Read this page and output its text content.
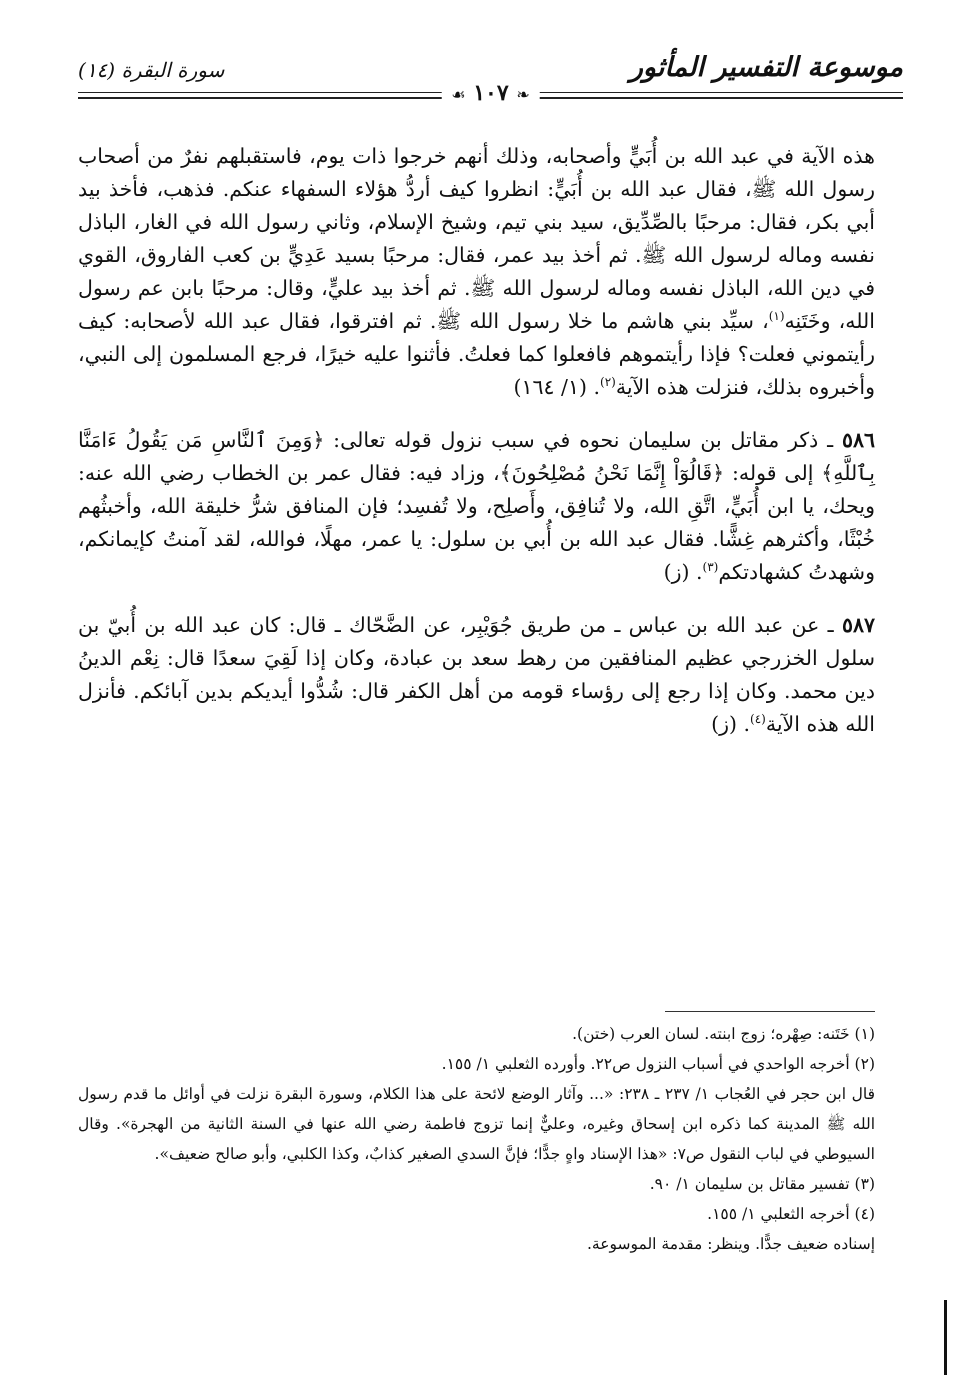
موسوعة التفسير المأثور
❧ ١٠٧ ☙
سورة البقرة (١٤)

هذه الآية في عبد الله بن أُبَيٍّ وأصحابه، وذلك أنهم خرجوا ذات يوم، فاستقبلهم نفرٌ من أصحاب رسول الله ﷺ، فقال عبد الله بن أُبَيٍّ: انظروا كيف أردُّ هؤلاء السفهاء عنكم. فذهب، فأخذ بيد أبي بكر، فقال: مرحبًا بالصِّدِّيق، سيد بني تيم، وشيخ الإسلام، وثاني رسول الله في الغار، الباذل نفسه وماله لرسول الله ﷺ. ثم أخذ بيد عمر، فقال: مرحبًا بسيد عَدِيٍّ بن كعب الفاروق، القوي في دين الله، الباذل نفسه وماله لرسول الله ﷺ. ثم أخذ بيد عليٍّ، وقال: مرحبًا بابن عم رسول الله، وخَتَنِه$^{(١)}$، سيِّد بني هاشم ما خلا رسول الله ﷺ. ثم افترقوا، فقال عبد الله لأصحابه: كيف رأيتموني فعلت؟ فإذا رأيتموهم فافعلوا كما فعلتُ. فأثنوا عليه خيرًا، فرجع المسلمون إلى النبي، وأخبروه بذلك، فنزلت هذه الآية$^{(٢)}$. (١/ ١٦٤)

٥٨٦ ـ ذكر مقاتل بن سليمان نحوه في سبب نزول قوله تعالى: ﴿وَمِنَ ٱلنَّاسِ مَن يَقُولُ ءَامَنَّا بِٱللَّهِ﴾ إلى قوله: ﴿قَالُوٓاْ إِنَّمَا نَحْنُ مُصْلِحُونَ﴾، وزاد فيه: فقال عمر بن الخطاب رضي الله عنه: ويحك، يا ابن أُبَيٍّ، اتَّقِ الله، ولا تُنافِق، وأَصلِح، ولا تُفسِد؛ فإن المنافق شرُّ خليقة الله، وأخبثُهم خُبْثًا، وأكثرهم غِشًّا. فقال عبد الله بن أُبي بن سلول: يا عمر، مهلًا، فوالله، لقد آمنتُ كإيمانكم، وشهدتُ كشهادتكم$^{(٣)}$. (ز)

٥٨٧ ـ عن عبد الله بن عباس ـ من طريق جُوَيْبِر، عن الضَّحّاك ـ قال: كان عبد الله بن أُبيّ بن سلول الخزرجي عظيم المنافقين من رهط سعد بن عبادة، وكان إذا لَقِيَ سعدًا قال: نِعْم الدينُ دين محمد. وكان إذا رجع إلى رؤساء قومه من أهل الكفر قال: شُدُّوا أيديكم بدين آبائكم. فأنزل الله هذه الآية$^{(٤)}$. (ز)

(١) خَتَنه: صِهْره؛ زوج ابنته. لسان العرب (ختن).

(٢) أخرجه الواحدي في أسباب النزول ص٢٢. وأورده الثعلبي ١/ ١٥٥.

قال ابن حجر في العُجاب ١/ ٢٣٧ ـ ٢٣٨: «... وآثار الوضع لائحة على هذا الكلام، وسورة البقرة نزلت في أوائل ما قدم رسول الله ﷺ المدينة كما ذكره ابن إسحاق وغيره، وعليٌّ إنما تزوج فاطمة رضي الله عنها في السنة الثانية من الهجرة». وقال السيوطي في لباب النقول ص٧: «هذا الإسناد واهٍ جدًّا؛ فإنَّ السدي الصغير كذابٌ، وكذا الكلبي، وأبو صالح ضعيف».

(٣) تفسير مقاتل بن سليمان ١/ ٩٠.

(٤) أخرجه الثعلبي ١/ ١٥٥.

إسناده ضعيف جدًّا. وينظر: مقدمة الموسوعة.
